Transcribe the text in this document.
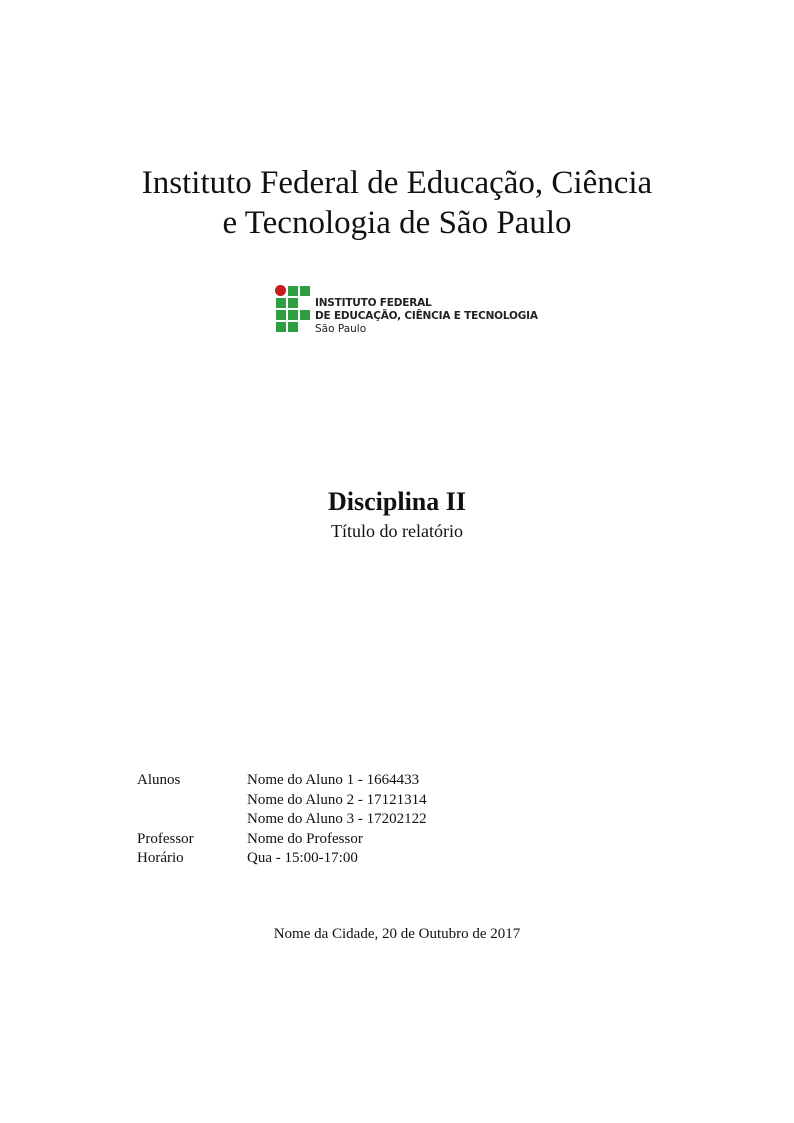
Instituto Federal de Educação, Ciência
e Tecnologia de São Paulo
INSTITUTO FEDERAL
DE EDUCAÇÃO, CIÊNCIA E TECNOLOGIA
São Paulo
Disciplina II
Título do relatório
Alunos	Nome do Aluno 1 - 1664433
Nome do Aluno 2 - 17121314
Nome do Aluno 3 - 17202122
Professor	Nome do Professor
Horário	Qua - 15:00-17:00
Nome da Cidade, 20 de Outubro de 2017
